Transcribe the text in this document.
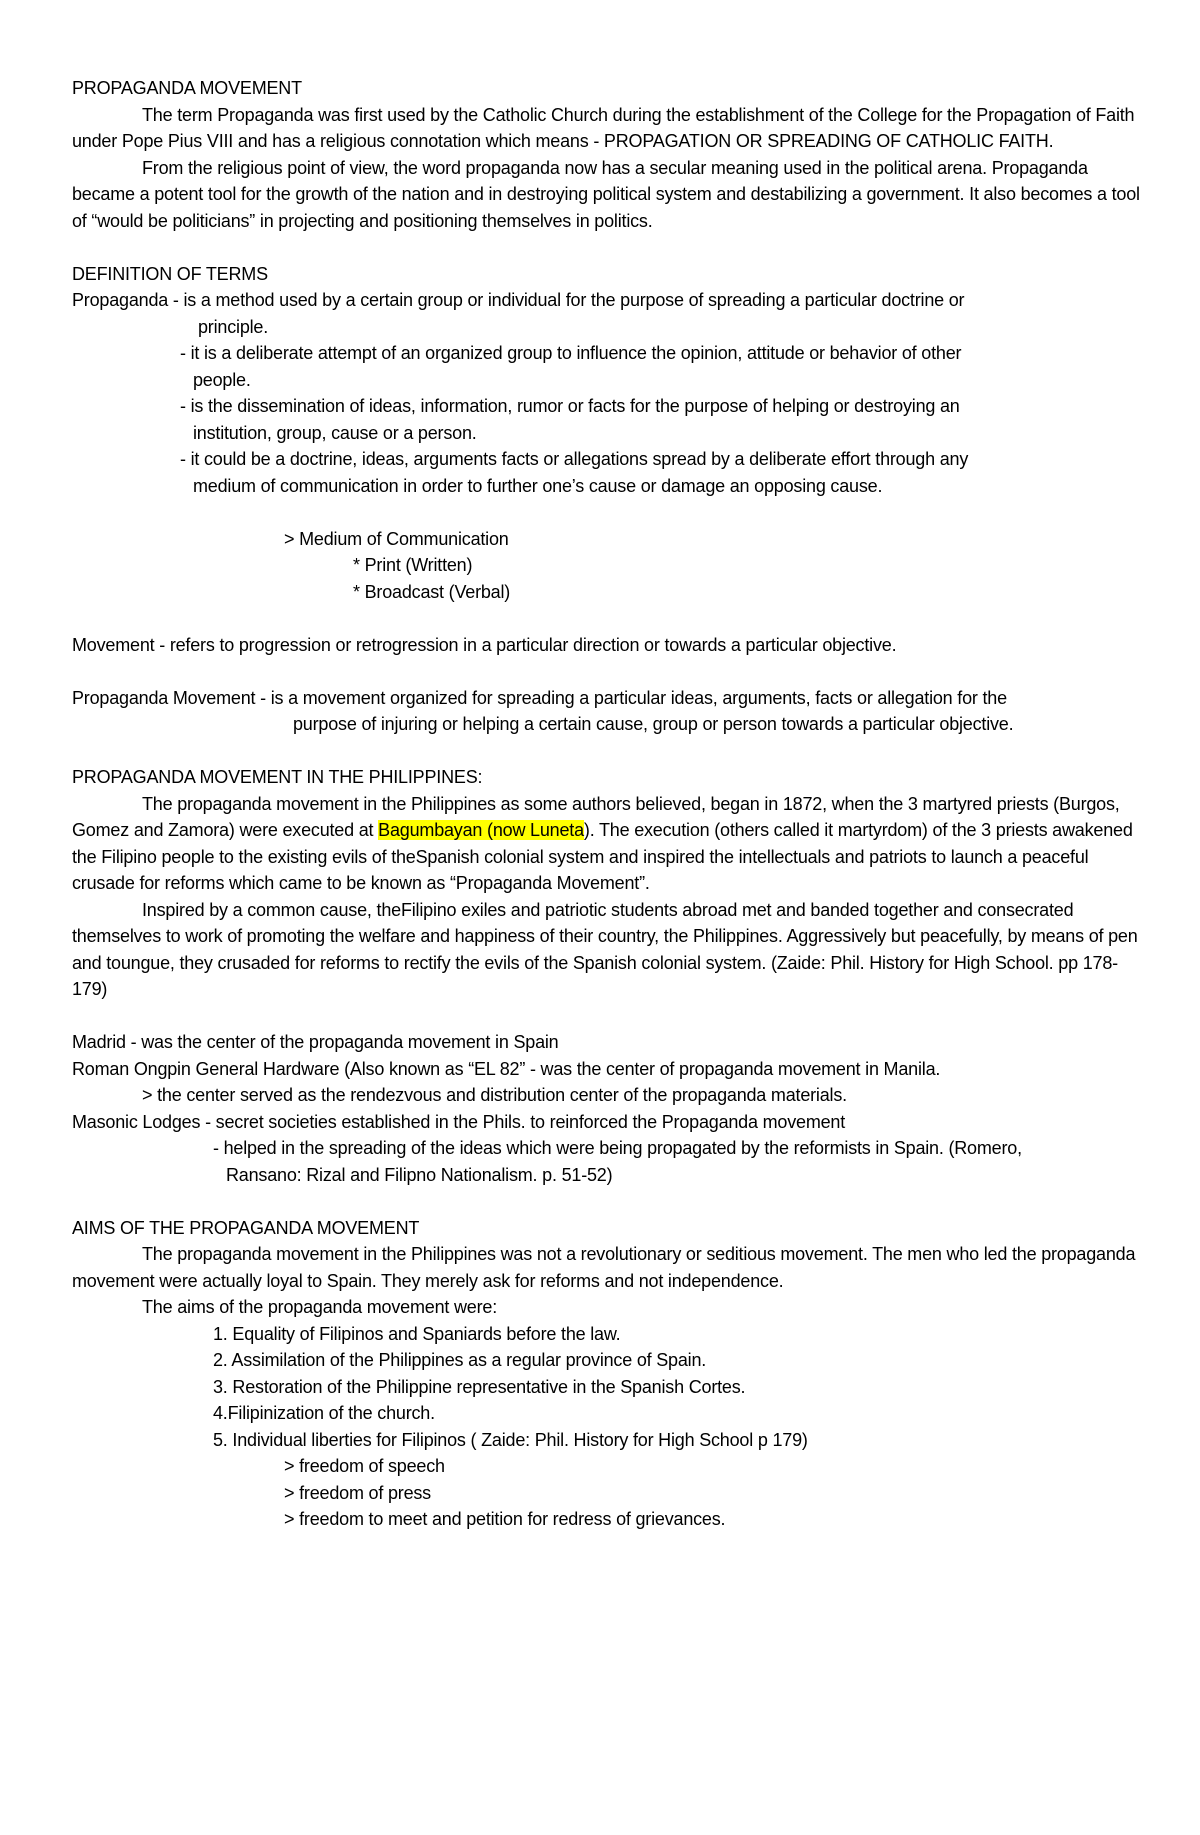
PROPAGANDA MOVEMENT

The term Propaganda was first used by the Catholic Church during the establishment of the College for the Propagation of Faith under Pope Pius VIII and has a religious connotation which means - PROPAGATION OR SPREADING OF CATHOLIC FAITH.

From the religious point of view, the word propaganda now has a secular meaning used in the political arena. Propaganda became a potent tool for the growth of the nation and in destroying political system and destabilizing a government. It also becomes a tool of “would be politicians” in projecting and positioning themselves in politics.

DEFINITION OF TERMS
Propaganda - is a method used by a certain group or individual for the purpose of spreading a particular doctrine or
principle.
- it is a deliberate attempt of an organized group to influence the opinion, attitude or behavior of other
people.
- is the dissemination of ideas, information, rumor or facts for the purpose of helping or destroying an
institution, group, cause or a person.
- it could be a doctrine, ideas, arguments facts or allegations spread by a deliberate effort through any
medium of communication in order to further one’s cause or damage an opposing cause.
> Medium of Communication
* Print (Written)
* Broadcast (Verbal)
Movement - refers to progression or retrogression in a particular direction or towards a particular objective.
Propaganda Movement - is a movement organized for spreading a particular ideas, arguments, facts or allegation for the
purpose of injuring or helping a certain cause, group or person towards a particular objective.
PROPAGANDA MOVEMENT IN THE PHILIPPINES:

The propaganda movement in the Philippines as some authors believed, began in 1872, when the 3 martyred priests (Burgos, Gomez and Zamora) were executed at Bagumbayan (now Luneta). The execution (others called it martyrdom) of the 3 priests awakened the Filipino people to the existing evils of theSpanish colonial system and inspired the intellectuals and patriots to launch a peaceful crusade for reforms which came to be known as “Propaganda Movement”.

Inspired by a common cause, theFilipino exiles and patriotic students abroad met and banded together and consecrated themselves to work of promoting the welfare and happiness of their country, the Philippines. Aggressively but peacefully, by means of pen and toungue, they crusaded for reforms to rectify the evils of the Spanish colonial system. (Zaide: Phil. History for High School. pp 178-179)

Madrid - was the center of the propaganda movement in Spain
Roman Ongpin General Hardware (Also known as “EL 82” - was the center of propaganda movement in Manila.
> the center served as the rendezvous and distribution center of the propaganda materials.
Masonic Lodges - secret societies established in the Phils. to reinforced the Propaganda movement
- helped in the spreading of the ideas which were being propagated by the reformists in Spain. (Romero,
Ransano: Rizal and Filipno Nationalism. p. 51-52)
AIMS OF THE PROPAGANDA MOVEMENT

The propaganda movement in the Philippines was not a revolutionary or seditious movement. The men who led the propaganda movement were actually loyal to Spain. They merely ask for reforms and not independence.

The aims of the propaganda movement were:

1. Equality of Filipinos and Spaniards before the law.
2. Assimilation of the Philippines as a regular province of Spain.
3. Restoration of the Philippine representative in the Spanish Cortes.
4.Filipinization of the church.
5. Individual liberties for Filipinos ( Zaide: Phil. History for High School p 179)
> freedom of speech
> freedom of press
> freedom to meet and petition for redress of grievances.
